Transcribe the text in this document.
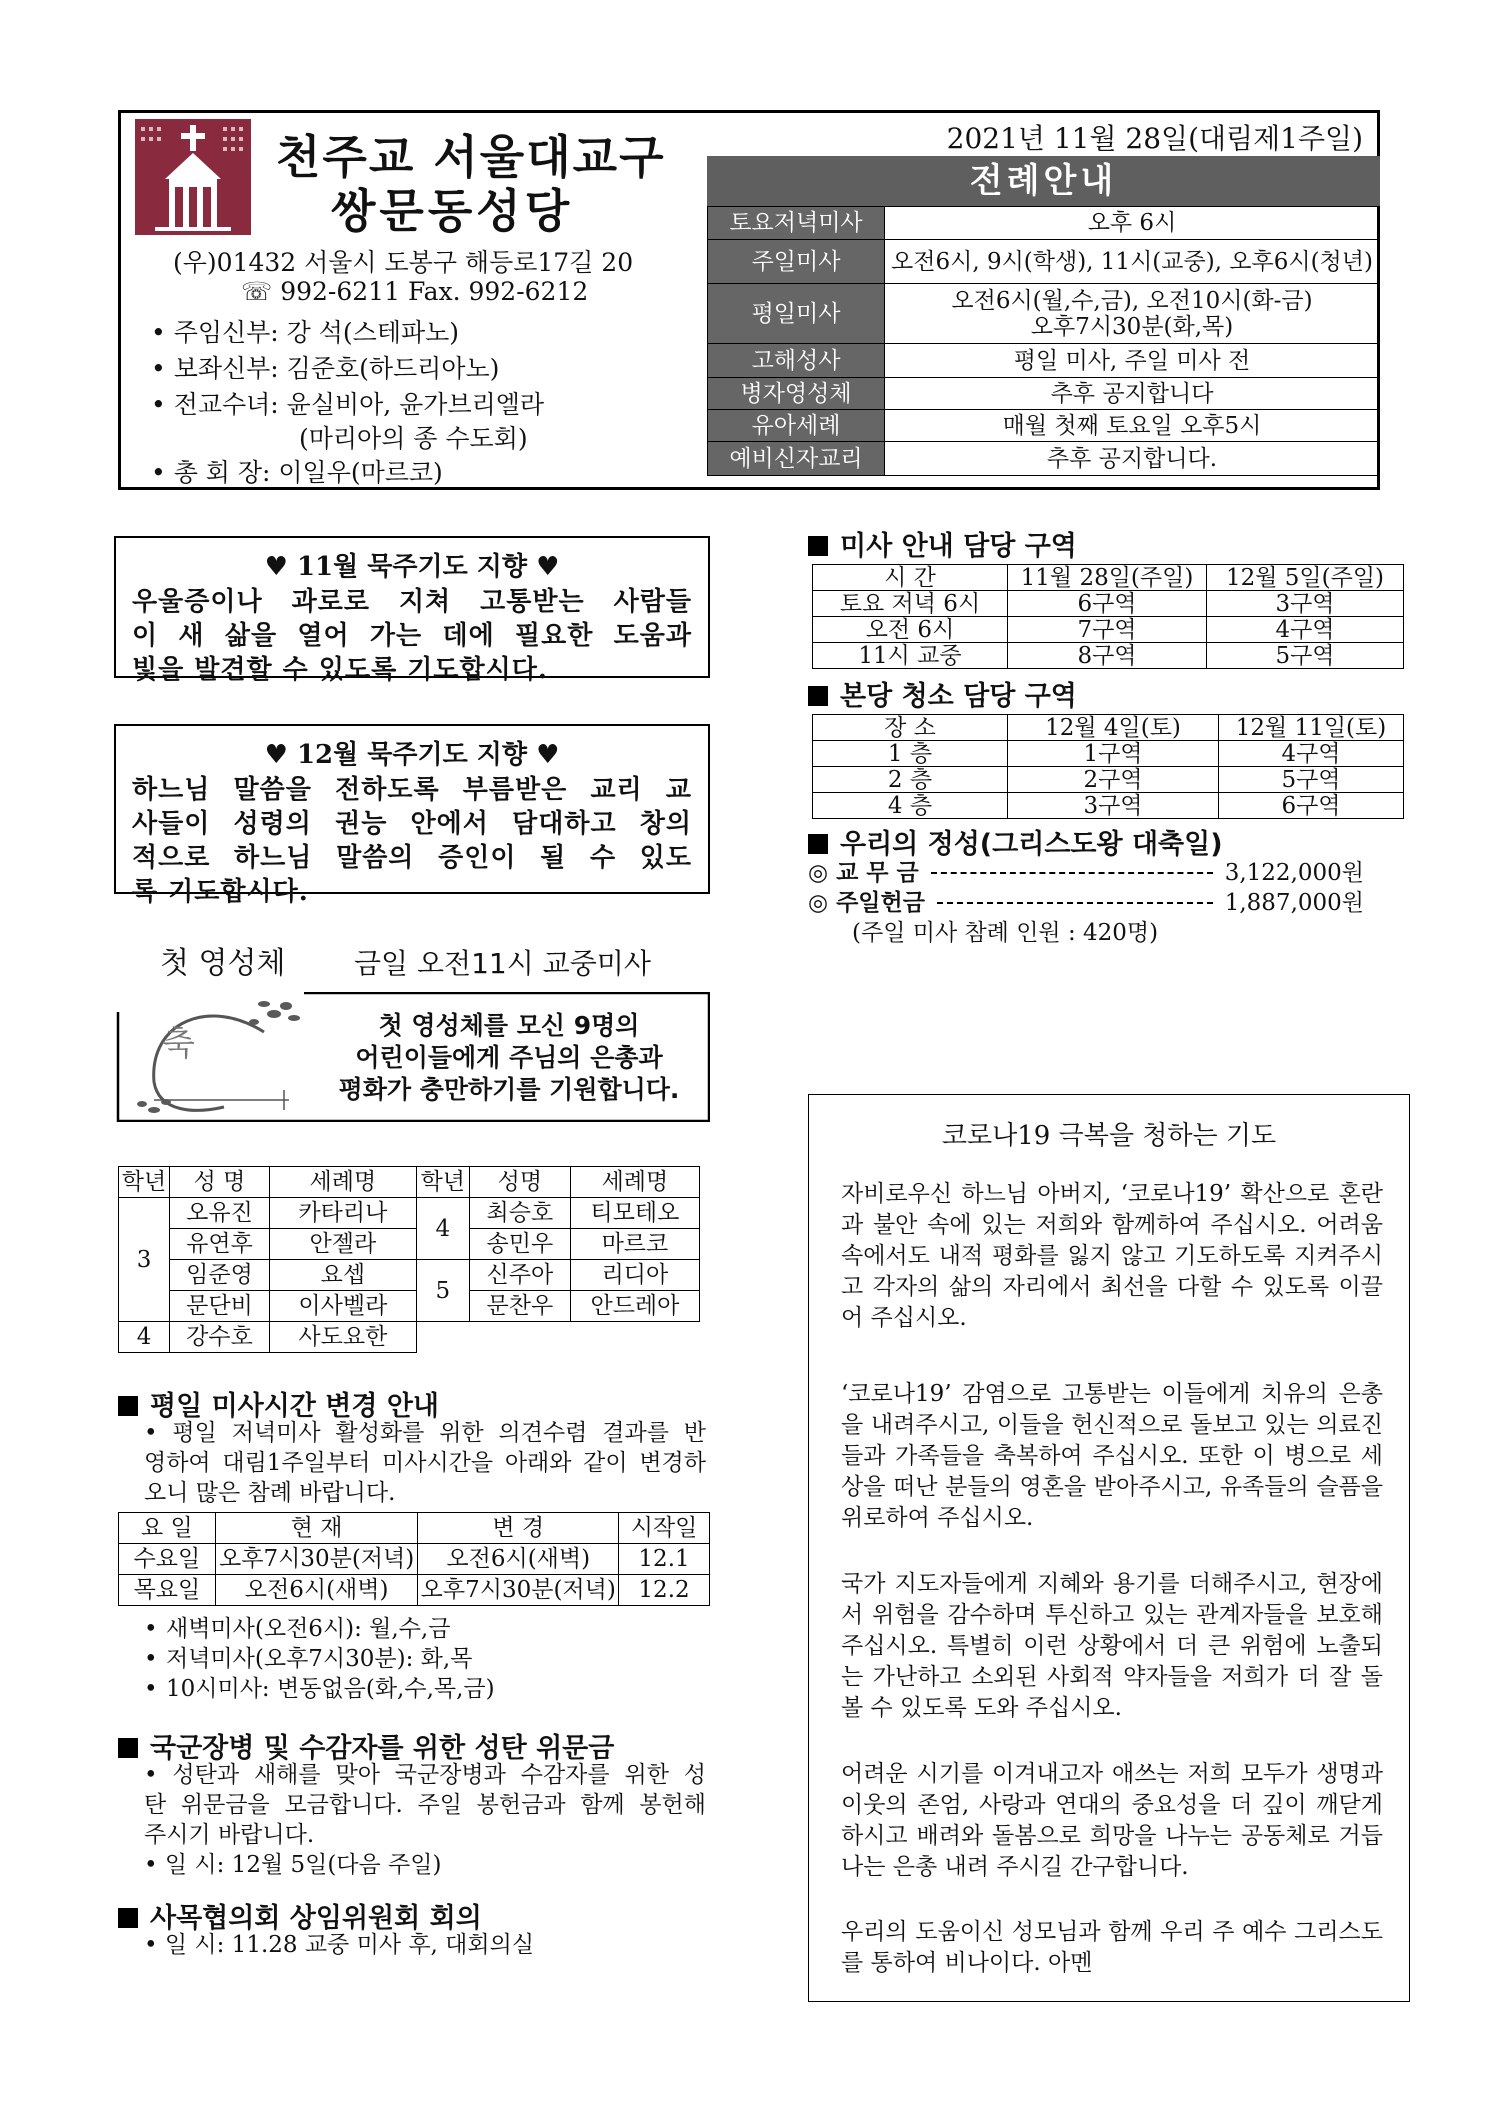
천주교 서울대교구
쌍문동성당
(우)01432 서울시 도봉구 해등로17길 20
☏ 992-6211 Fax. 992-6212
• 주임신부: 강 석(스테파노)
• 보좌신부: 김준호(하드리아노)
• 전교수녀: 윤실비아, 윤가브리엘라
(마리아의 종 수도회)
• 총 회 장: 이일우(마르코)
2021년 11월 28일(대림제1주일)
전례안내
토요저녁미사	오후 6시
주일미사	오전6시, 9시(학생), 11시(교중), 오후6시(청년)
평일미사	오전6시(월,수,금), 오전10시(화-금)
오후7시30분(화,목)

고해성사	평일 미사, 주일 미사 전
병자영성체	추후 공지합니다
유아세례	매월 첫째 토요일 오후5시
예비신자교리	추후 공지합니다.
♥ 11월 묵주기도 지향 ♥
우울증이나 과로로 지쳐 고통받는 사람들
이 새 삶을 열어 가는 데에 필요한 도움과
빛을 발견할 수 있도록 기도합시다.
♥ 12월 묵주기도 지향 ♥
하느님 말씀을 전하도록 부름받은 교리 교
사들이 성령의 권능 안에서 담대하고 창의
적으로 하느님 말씀의 증인이 될 수 있도
록 기도합시다.
첫 영성체 금일 오전11시 교중미사
축	첫 영성체를 모신 9명의
어린이들에게 주님의 은총과
평화가 충만하기를 기원합니다.
학년	성 명	세례명	학년	성명	세례명
3	오유진	카타리나	4	최승호	티모테오
	유연후	안젤라		송민우	마르코
	임준영	요셉	5	신주아	리디아
	문단비	이사벨라		문찬우	안드레아
4	강수호	사도요한			
평일 미사시간 변경 안내
• 평일 저녁미사 활성화를 위한 의견수렴 결과를 반
영하여 대림1주일부터 미사시간을 아래와 같이 변경하
오니 많은 참례 바랍니다.
요 일	현 재	변 경	시작일
수요일	오후7시30분(저녁)	오전6시(새벽)	12.1
목요일	오전6시(새벽)	오후7시30분(저녁)	12.2
• 새벽미사(오전6시): 월,수,금
• 저녁미사(오후7시30분): 화,목
• 10시미사: 변동없음(화,수,목,금)
국군장병 및 수감자를 위한 성탄 위문금
• 성탄과 새해를 맞아 국군장병과 수감자를 위한 성
탄 위문금을 모금합니다. 주일 봉헌금과 함께 봉헌해
주시기 바랍니다.
• 일 시: 12월 5일(다음 주일)
사목협의회 상임위원회 회의
• 일 시: 11.28 교중 미사 후, 대회의실
미사 안내 담당 구역
시 간	11월 28일(주일)	12월 5일(주일)
토요 저녁 6시	6구역	3구역
오전 6시	7구역	4구역
11시 교중	8구역	5구역
본당 청소 담당 구역
장 소	12월 4일(토)	12월 11일(토)
1 층	1구역	4구역
2 층	2구역	5구역
4 층	3구역	6구역
우리의 정성(그리스도왕 대축일)
◎ 교 무 금	3,122,000원
◎ 주일헌금	1,887,000원
(주일 미사 참례 인원 : 420명)
코로나19 극복을 청하는 기도
자비로우신 하느님 아버지, ‘코로나19’ 확산으로 혼란과 불안 속에 있는 저희와 함께하여 주십시오. 어려움 속에서도 내적 평화를 잃지 않고 기도하도록 지켜주시고 각자의 삶의 자리에서 최선을 다할 수 있도록 이끌어 주십시오.
‘코로나19’ 감염으로 고통받는 이들에게 치유의 은총을 내려주시고, 이들을 헌신적으로 돌보고 있는 의료진들과 가족들을 축복하여 주십시오. 또한 이 병으로 세상을 떠난 분들의 영혼을 받아주시고, 유족들의 슬픔을 위로하여 주십시오.
국가 지도자들에게 지혜와 용기를 더해주시고, 현장에서 위험을 감수하며 투신하고 있는 관계자들을 보호해 주십시오. 특별히 이런 상황에서 더 큰 위험에 노출되는 가난하고 소외된 사회적 약자들을 저희가 더 잘 돌볼 수 있도록 도와 주십시오.
어려운 시기를 이겨내고자 애쓰는 저희 모두가 생명과 이웃의 존엄, 사랑과 연대의 중요성을 더 깊이 깨닫게 하시고 배려와 돌봄으로 희망을 나누는 공동체로 거듭나는 은총 내려 주시길 간구합니다.
우리의 도움이신 성모님과 함께 우리 주 예수 그리스도를 통하여 비나이다. 아멘
